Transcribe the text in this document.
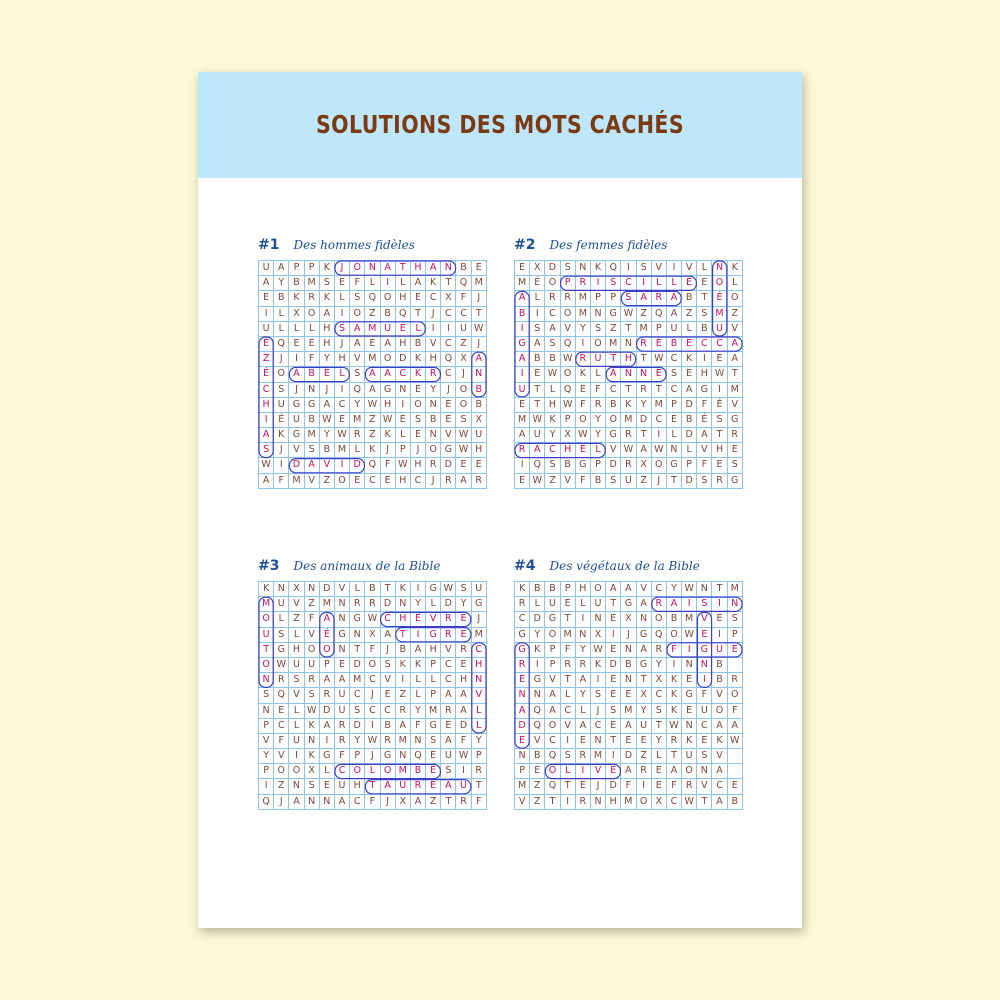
SOLUTIONS DES MOTS CACHÉS
#1 Des hommes fidèles
U A P P K	J	O N A T H A N B E
A Y B M S E F	L	I	L A K T Q M
E B K R K L	S Q O H E C X F	J
I	L X O A	I	O Z B Q T	J	C C T
U L	L	L H S A M U E	L	I	I	U W
É Q E E H	J	A E A H B V C Z	J
Z	J	I	F	Y H V M O D K H Q X A
É O A B E	L	S A A C K R C	J	N
C S	J	N	J	I	Q A G N E Y	J	O B
H U G G A C Y W H	I	O N E O B
I	É U B W E M Z W E S B E S X
A K G M Y W R Z K L	E N V W U
S	J	V S B M L K	J	P	J	O G W H
W I	D A V	I	D Q F W H R D E E
A F M V Z O E C E H C	J	R A R
#2 Des femmes fidèles
E X D S N K Q	I	S V	I	V L N K
M É O P R	I	S C	I	L	L	E E O L
A L R R M P P S A R A B T É O
B	I	C O M N G W Z Q A Z S M Z
I	S A V Y S Z T M P U L B U V
G A S Q	I	O M N R É B E C C A
A B B W R U T H T W C K	I	E A
I	E W O K L A N N E S E H W T
U T	L Q E F C T R T C A G	I	M
E T H W F R B K Y M P D F É V
M W K P O Y O M D C E B É S G
A U Y X W Y G R T	I	L D A T R
R A C H E	L V W A W N L V H E
I	Q S B G P D R X O G P	F E S
E W Z V F B S U Z	J	T D S R G
#3 Des animaux de la Bible
K N X N D V L B T K	I	G W S U
M U V Z M N R R D N Y	L D Y G
O L Z F A N G W C H È V R E	J
U S	L V É G N X A T	I	G R E M
T G H O O N T	F	J	B A H V R C
O W U U P E D O S K K P C E H
N R S R A A M C V	I	L	L C H N
S Q V S R U C	J	E Z L	P A A V
N E	L W D U S C C R Y M R A L
P C L K A R D	I	B A F G E D L
V F U N	I	R Y W R M N S A F	Y
Y V	I	K G F	P	J	G N Q E U W P
P O O X L C O L O M B E S	I	R
I	Z N S E U H T A U R E A U T
Q	J	A N N A C F	J	X A Z T R F
#4 Des végétaux de la Bible
K B B P H O A A V C Y W N T M
R L U E	L U T G A R A	I	S	I	N
C D G T	I	N E X N O B M V E S
G Y O M N X	I	J	G Q O W E	I	P
G K P	F	Y W E N A R F	I	G U E
R	I	P R R K D B G Y	I	N N B
E G V T A	I	E N T X K E	I	B R
N N A L	Y S E E X C K G F V O
A Q A C L	J	S M Y S K E U O F
D Q O V A C E A U T W N C A A
E V C	I	E N T E E Y R K E K W
N B Q S R M	I	D Z L	T U S V
P E O L	I	V E A R E A O N A
M Z Q T E	J	D F	I	E F R V C E
V Z T	I	R N H M O X C W T A B
